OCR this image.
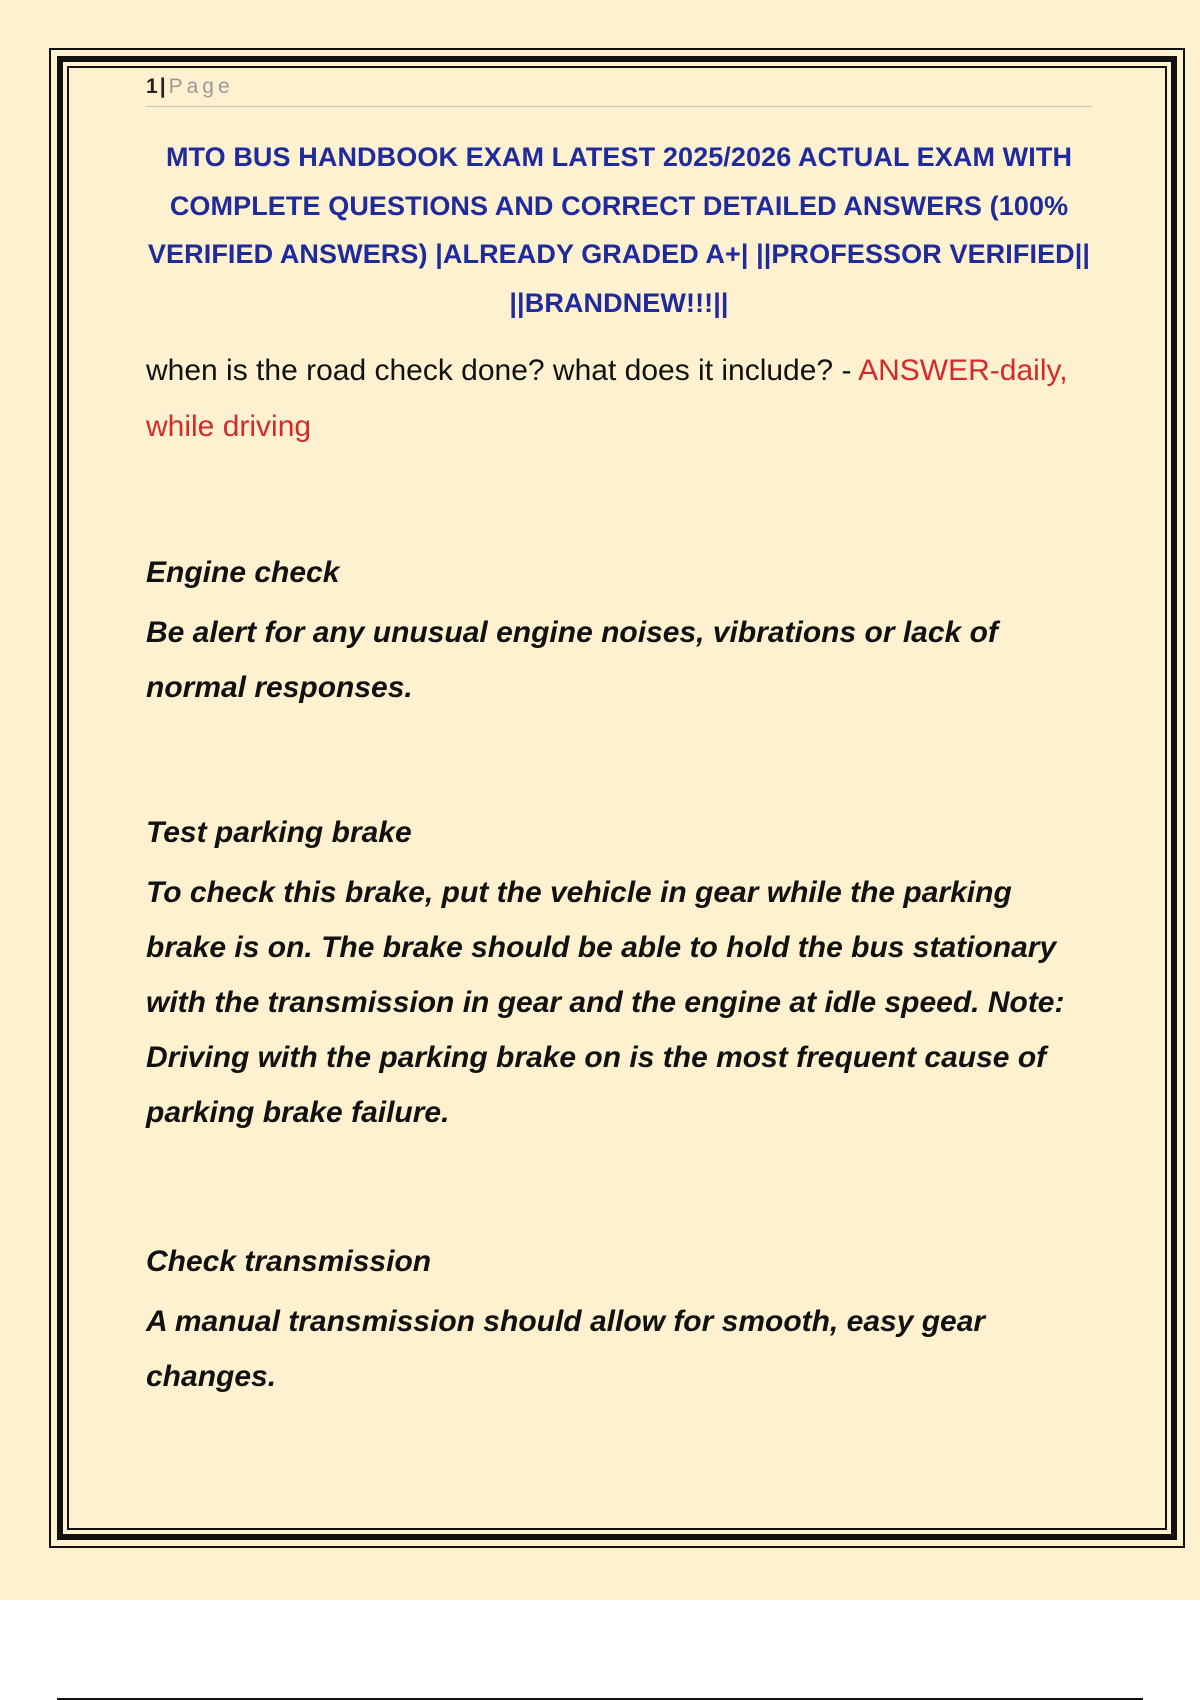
1| Page
MTO BUS HANDBOOK EXAM LATEST 2025/2026 ACTUAL EXAM WITH COMPLETE QUESTIONS AND CORRECT DETAILED ANSWERS (100% VERIFIED ANSWERS) |ALREADY GRADED A+| ||PROFESSOR VERIFIED|| ||BRANDNEW!!!||
when is the road check done? what does it include? - ANSWER-daily, while driving
Engine check
Be alert for any unusual engine noises, vibrations or lack of normal responses.
Test parking brake
To check this brake, put the vehicle in gear while the parking brake is on. The brake should be able to hold the bus stationary with the transmission in gear and the engine at idle speed. Note: Driving with the parking brake on is the most frequent cause of parking brake failure.
Check transmission
A manual transmission should allow for smooth, easy gear changes.
